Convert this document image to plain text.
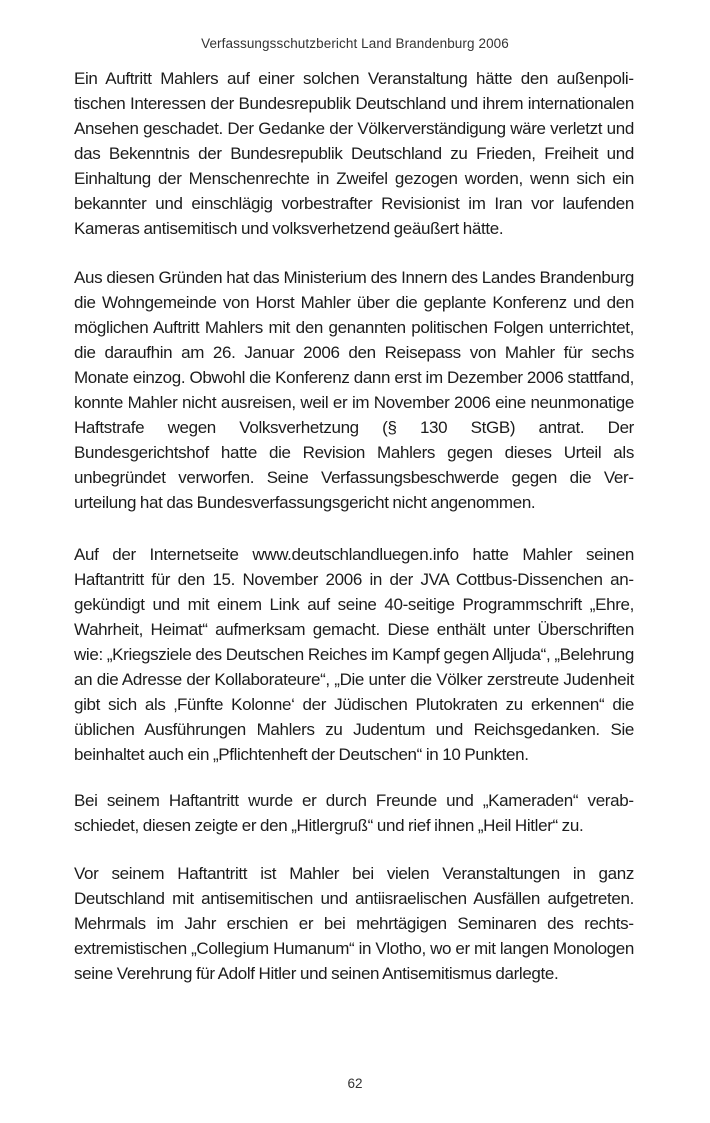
Verfassungsschutzbericht Land Brandenburg 2006

Ein Auftritt Mahlers auf einer solchen Veranstaltung hätte den außenpolitischen Interessen der Bundesrepublik Deutschland und ihrem internationalen Ansehen geschadet. Der Gedanke der Völkerverständigung wäre verletzt und das Bekenntnis der Bundesrepublik Deutschland zu Frieden, Freiheit und Einhaltung der Menschenrechte in Zweifel gezogen worden, wenn sich ein bekannter und einschlägig vorbestrafter Revisionist im Iran vor laufenden Kameras antisemitisch und volksverhetzend geäußert hätte.

Aus diesen Gründen hat das Ministerium des Innern des Landes Brandenburg die Wohngemeinde von Horst Mahler über die geplante Konferenz und den möglichen Auftritt Mahlers mit den genannten politischen Folgen unterrichtet, die daraufhin am 26. Januar 2006 den Reisepass von Mahler für sechs Monate einzog. Obwohl die Konferenz dann erst im Dezember 2006 stattfand, konnte Mahler nicht ausreisen, weil er im November 2006 eine neunmonatige Haftstrafe wegen Volksverhetzung (§ 130 StGB) antrat. Der Bundesgerichtshof hatte die Revision Mahlers gegen dieses Urteil als unbegründet verworfen. Seine Verfassungsbeschwerde gegen die Verurteilung hat das Bundesverfassungsgericht nicht angenommen.

Auf der Internetseite www.deutschlandluegen.info hatte Mahler seinen Haftantritt für den 15. November 2006 in der JVA Cottbus-Dissenchen angekündigt und mit einem Link auf seine 40-seitige Programmschrift „Ehre, Wahrheit, Heimat“ aufmerksam gemacht. Diese enthält unter Überschriften wie: „Kriegsziele des Deutschen Reiches im Kampf gegen Alljuda“, „Belehrung an die Adresse der Kollaborateure“, „Die unter die Völker zerstreute Judenheit gibt sich als ‚Fünfte Kolonne‘ der Jüdischen Plutokraten zu erkennen“ die üblichen Ausführungen Mahlers zu Judentum und Reichsgedanken. Sie beinhaltet auch ein „Pflichtenheft der Deutschen“ in 10 Punkten.

Bei seinem Haftantritt wurde er durch Freunde und „Kameraden“ verabschiedet, diesen zeigte er den „Hitlergruß“ und rief ihnen „Heil Hitler“ zu.

Vor seinem Haftantritt ist Mahler bei vielen Veranstaltungen in ganz Deutschland mit antisemitischen und antiisraelischen Ausfällen aufgetreten. Mehrmals im Jahr erschien er bei mehrtägigen Seminaren des rechtsextremistischen „Collegium Humanum“ in Vlotho, wo er mit langen Monologen seine Verehrung für Adolf Hitler und seinen Antisemitismus darlegte.

62
